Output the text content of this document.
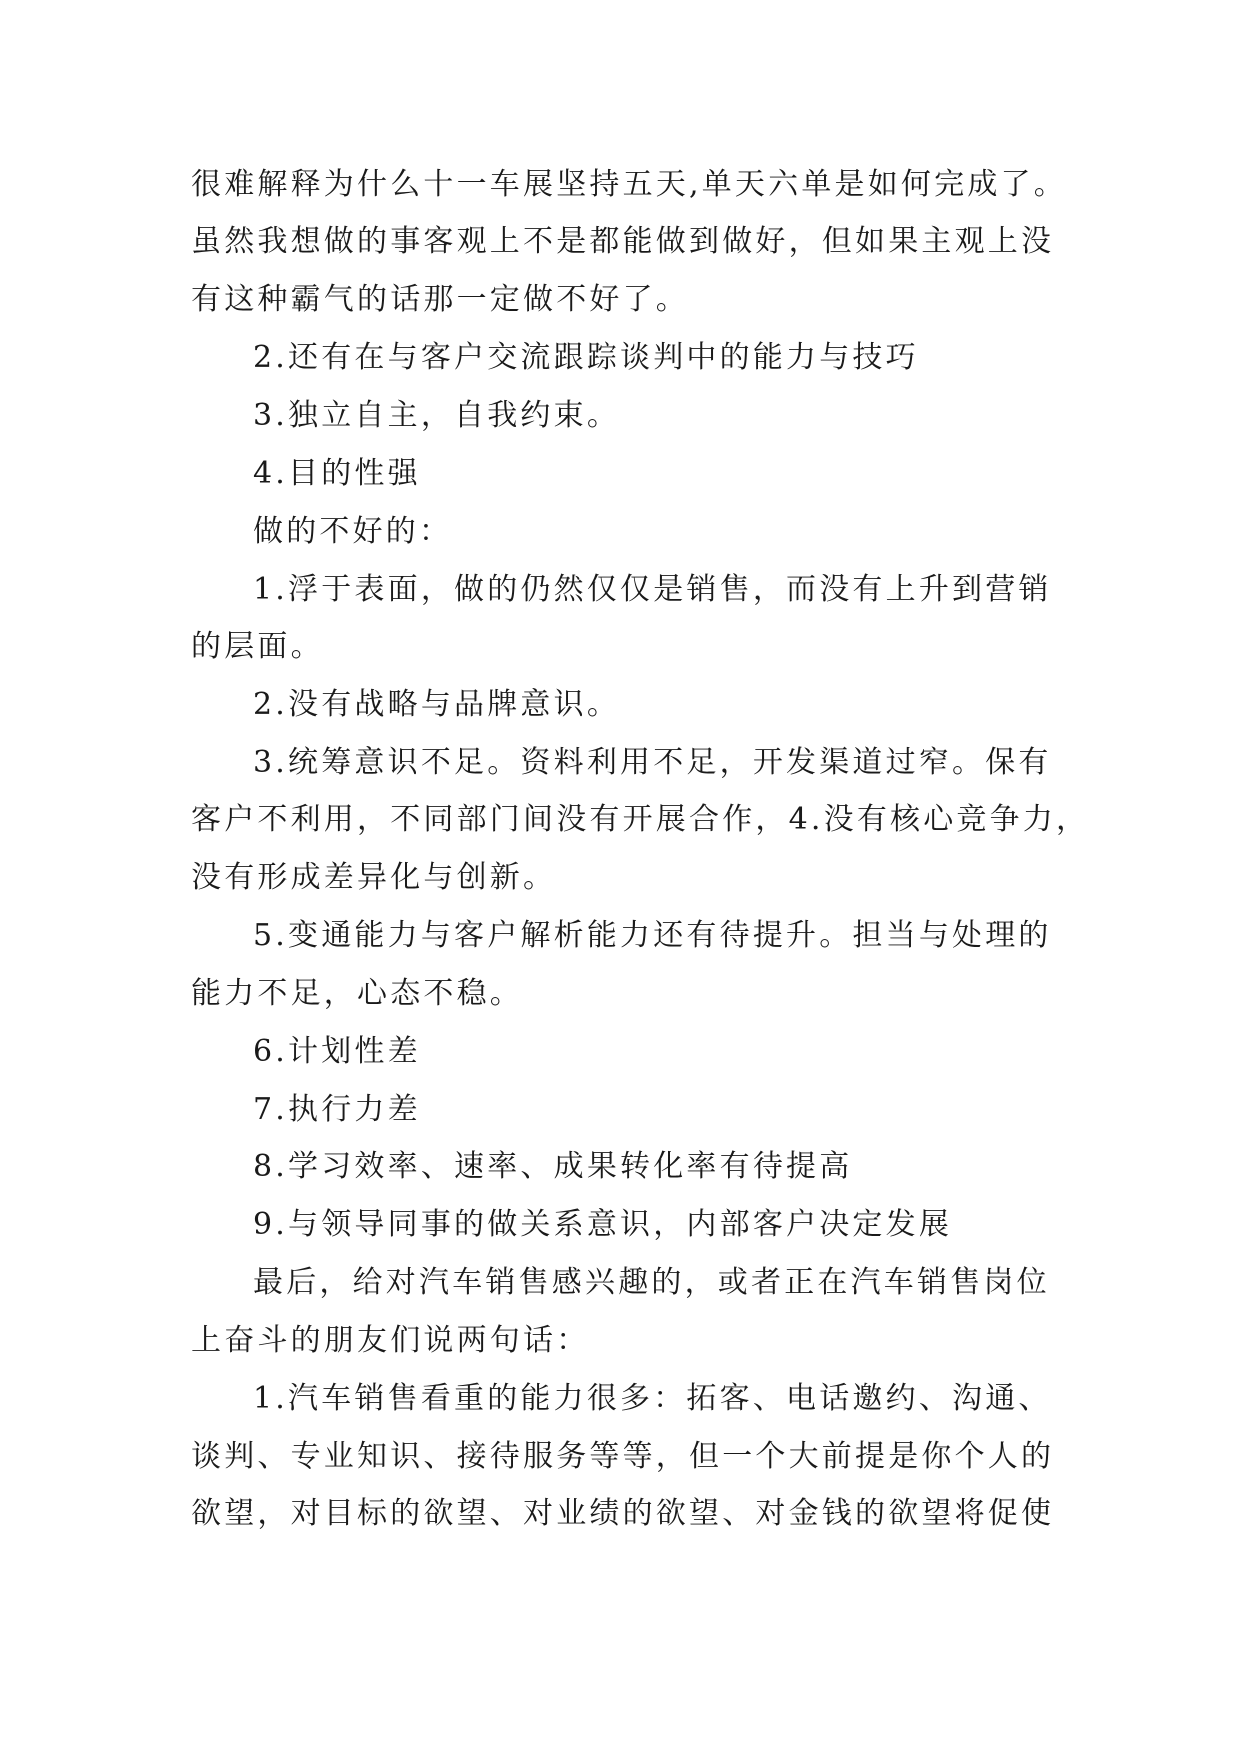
很难解释为什么十一车展坚持五天,单天六单是如何完成了。
虽然我想做的事客观上不是都能做到做好，但如果主观上没
有这种霸气的话那一定做不好了。
2.还有在与客户交流跟踪谈判中的能力与技巧
3.独立自主，自我约束。
4.目的性强
做的不好的：
1.浮于表面，做的仍然仅仅是销售，而没有上升到营销
的层面。
2.没有战略与品牌意识。
3.统筹意识不足。资料利用不足，开发渠道过窄。保有
客户不利用，不同部门间没有开展合作，4.没有核心竞争力，
没有形成差异化与创新。
5.变通能力与客户解析能力还有待提升。担当与处理的
能力不足，心态不稳。
6.计划性差
7.执行力差
8.学习效率、速率、成果转化率有待提高
9.与领导同事的做关系意识，内部客户决定发展
最后，给对汽车销售感兴趣的，或者正在汽车销售岗位
上奋斗的朋友们说两句话：
1.汽车销售看重的能力很多：拓客、电话邀约、沟通、
谈判、专业知识、接待服务等等，但一个大前提是你个人的
欲望，对目标的欲望、对业绩的欲望、对金钱的欲望将促使
